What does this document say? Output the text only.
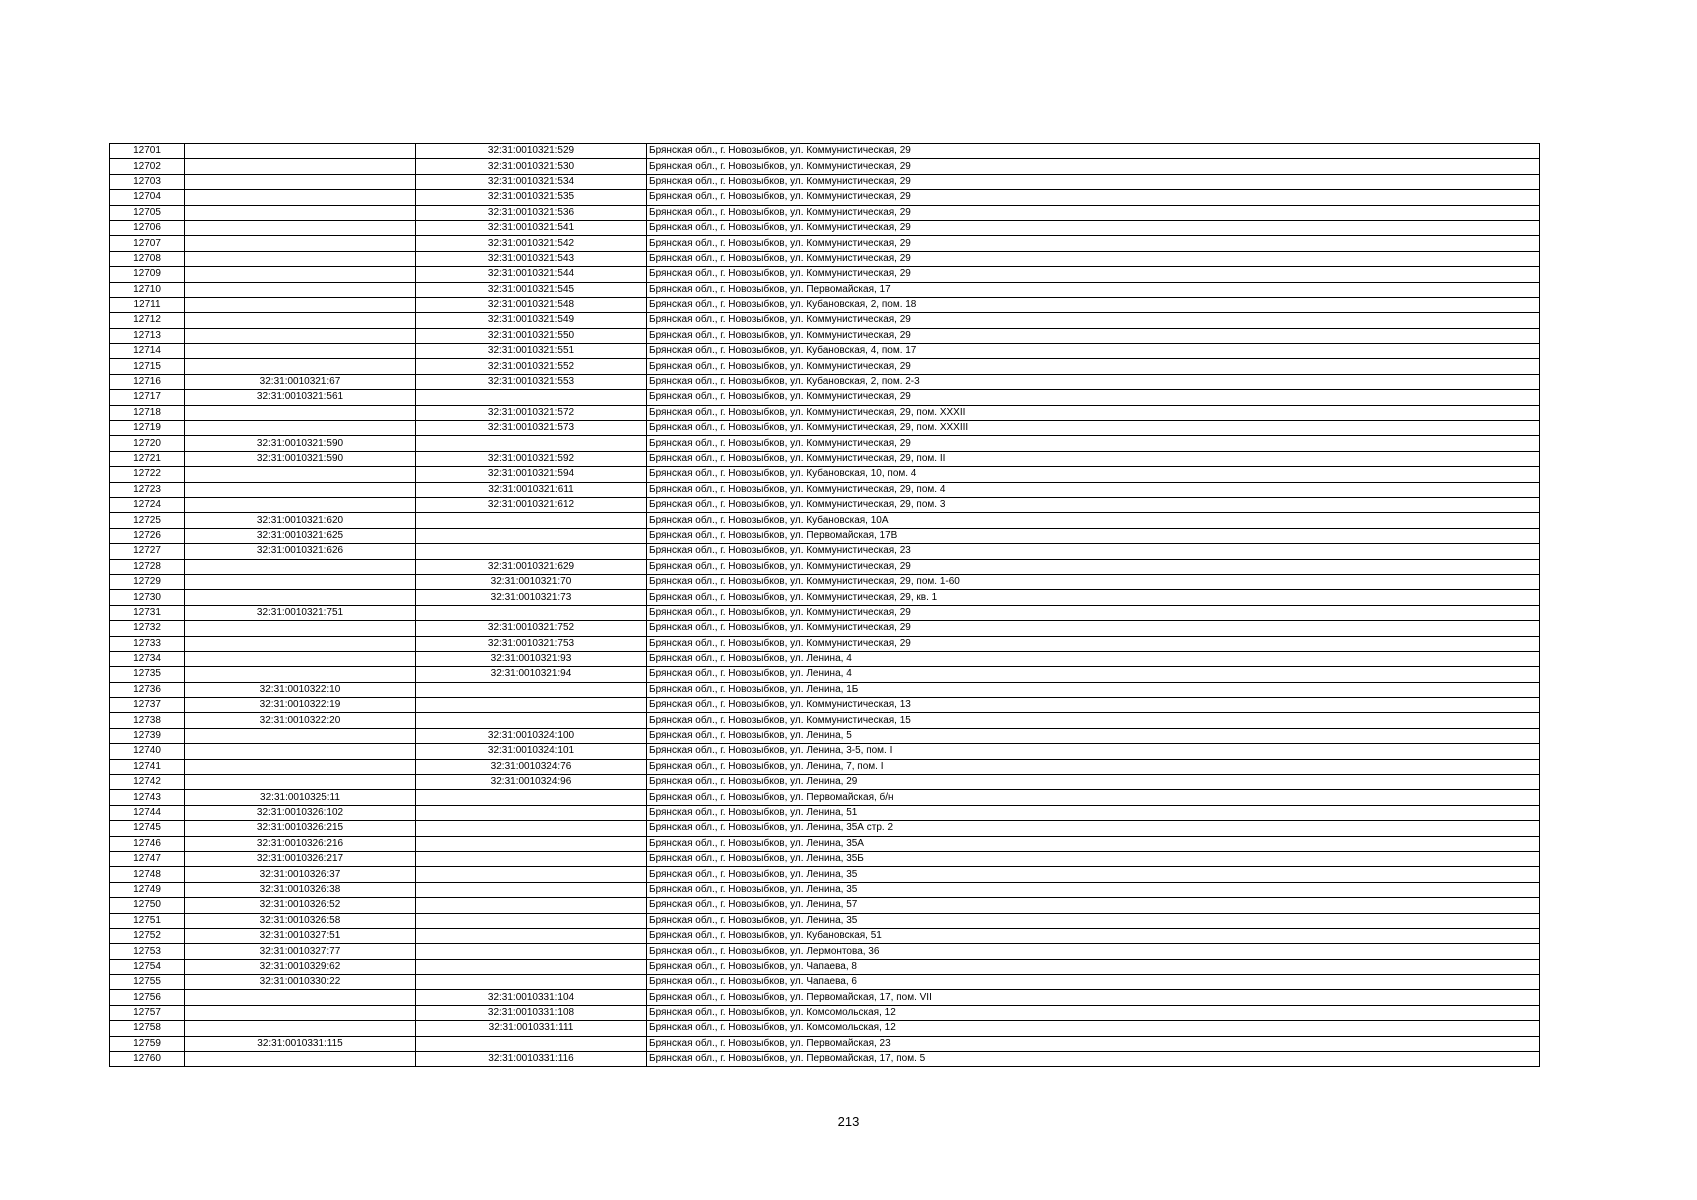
12701		32:31:0010321:529	Брянская обл., г. Новозыбков, ул. Коммунистическая, 29
12702		32:31:0010321:530	Брянская обл., г. Новозыбков, ул. Коммунистическая, 29
12703		32:31:0010321:534	Брянская обл., г. Новозыбков, ул. Коммунистическая, 29
12704		32:31:0010321:535	Брянская обл., г. Новозыбков, ул. Коммунистическая, 29
12705		32:31:0010321:536	Брянская обл., г. Новозыбков, ул. Коммунистическая, 29
12706		32:31:0010321:541	Брянская обл., г. Новозыбков, ул. Коммунистическая, 29
12707		32:31:0010321:542	Брянская обл., г. Новозыбков, ул. Коммунистическая, 29
12708		32:31:0010321:543	Брянская обл., г. Новозыбков, ул. Коммунистическая, 29
12709		32:31:0010321:544	Брянская обл., г. Новозыбков, ул. Коммунистическая, 29
12710		32:31:0010321:545	Брянская обл., г. Новозыбков, ул. Первомайская, 17
12711		32:31:0010321:548	Брянская обл., г. Новозыбков, ул. Кубановская, 2, пом. 18
12712		32:31:0010321:549	Брянская обл., г. Новозыбков, ул. Коммунистическая, 29
12713		32:31:0010321:550	Брянская обл., г. Новозыбков, ул. Коммунистическая, 29
12714		32:31:0010321:551	Брянская обл., г. Новозыбков, ул. Кубановская, 4, пом. 17
12715		32:31:0010321:552	Брянская обл., г. Новозыбков, ул. Коммунистическая, 29
12716	32:31:0010321:67	32:31:0010321:553	Брянская обл., г. Новозыбков, ул. Кубановская, 2, пом. 2-3
12717	32:31:0010321:561		Брянская обл., г. Новозыбков, ул. Коммунистическая, 29
12718		32:31:0010321:572	Брянская обл., г. Новозыбков, ул. Коммунистическая, 29, пом. XXXII
12719		32:31:0010321:573	Брянская обл., г. Новозыбков, ул. Коммунистическая, 29, пом. XXXIII
12720	32:31:0010321:590		Брянская обл., г. Новозыбков, ул. Коммунистическая, 29
12721	32:31:0010321:590	32:31:0010321:592	Брянская обл., г. Новозыбков, ул. Коммунистическая, 29, пом. II
12722		32:31:0010321:594	Брянская обл., г. Новозыбков, ул. Кубановская, 10, пом. 4
12723		32:31:0010321:611	Брянская обл., г. Новозыбков, ул. Коммунистическая, 29, пом. 4
12724		32:31:0010321:612	Брянская обл., г. Новозыбков, ул. Коммунистическая, 29, пом. 3
12725	32:31:0010321:620		Брянская обл., г. Новозыбков, ул. Кубановская, 10А
12726	32:31:0010321:625		Брянская обл., г. Новозыбков, ул. Первомайская, 17В
12727	32:31:0010321:626		Брянская обл., г. Новозыбков, ул. Коммунистическая, 23
12728		32:31:0010321:629	Брянская обл., г. Новозыбков, ул. Коммунистическая, 29
12729		32:31:0010321:70	Брянская обл., г. Новозыбков, ул. Коммунистическая, 29, пом. 1-60
12730		32:31:0010321:73	Брянская обл., г. Новозыбков, ул. Коммунистическая, 29, кв. 1
12731	32:31:0010321:751		Брянская обл., г. Новозыбков, ул. Коммунистическая, 29
12732		32:31:0010321:752	Брянская обл., г. Новозыбков, ул. Коммунистическая, 29
12733		32:31:0010321:753	Брянская обл., г. Новозыбков, ул. Коммунистическая, 29
12734		32:31:0010321:93	Брянская обл., г. Новозыбков, ул. Ленина, 4
12735		32:31:0010321:94	Брянская обл., г. Новозыбков, ул. Ленина, 4
12736	32:31:0010322:10		Брянская обл., г. Новозыбков, ул. Ленина, 1Б
12737	32:31:0010322:19		Брянская обл., г. Новозыбков, ул. Коммунистическая, 13
12738	32:31:0010322:20		Брянская обл., г. Новозыбков, ул. Коммунистическая, 15
12739		32:31:0010324:100	Брянская обл., г. Новозыбков, ул. Ленина, 5
12740		32:31:0010324:101	Брянская обл., г. Новозыбков, ул. Ленина, 3-5, пом. I
12741		32:31:0010324:76	Брянская обл., г. Новозыбков, ул. Ленина, 7, пом. I
12742		32:31:0010324:96	Брянская обл., г. Новозыбков, ул. Ленина, 29
12743	32:31:0010325:11		Брянская обл., г. Новозыбков, ул. Первомайская, б/н
12744	32:31:0010326:102		Брянская обл., г. Новозыбков, ул. Ленина, 51
12745	32:31:0010326:215		Брянская обл., г. Новозыбков, ул. Ленина, 35А стр. 2
12746	32:31:0010326:216		Брянская обл., г. Новозыбков, ул. Ленина, 35А
12747	32:31:0010326:217		Брянская обл., г. Новозыбков, ул. Ленина, 35Б
12748	32:31:0010326:37		Брянская обл., г. Новозыбков, ул. Ленина, 35
12749	32:31:0010326:38		Брянская обл., г. Новозыбков, ул. Ленина, 35
12750	32:31:0010326:52		Брянская обл., г. Новозыбков, ул. Ленина, 57
12751	32:31:0010326:58		Брянская обл., г. Новозыбков, ул. Ленина, 35
12752	32:31:0010327:51		Брянская обл., г. Новозыбков, ул. Кубановская, 51
12753	32:31:0010327:77		Брянская обл., г. Новозыбков, ул. Лермонтова, 36
12754	32:31:0010329:62		Брянская обл., г. Новозыбков, ул. Чапаева, 8
12755	32:31:0010330:22		Брянская обл., г. Новозыбков, ул. Чапаева, 6
12756		32:31:0010331:104	Брянская обл., г. Новозыбков, ул. Первомайская, 17, пом. VII
12757		32:31:0010331:108	Брянская обл., г. Новозыбков, ул. Комсомольская, 12
12758		32:31:0010331:111	Брянская обл., г. Новозыбков, ул. Комсомольская, 12
12759	32:31:0010331:115		Брянская обл., г. Новозыбков, ул. Первомайская, 23
12760		32:31:0010331:116	Брянская обл., г. Новозыбков, ул. Первомайская, 17, пом. 5
213
